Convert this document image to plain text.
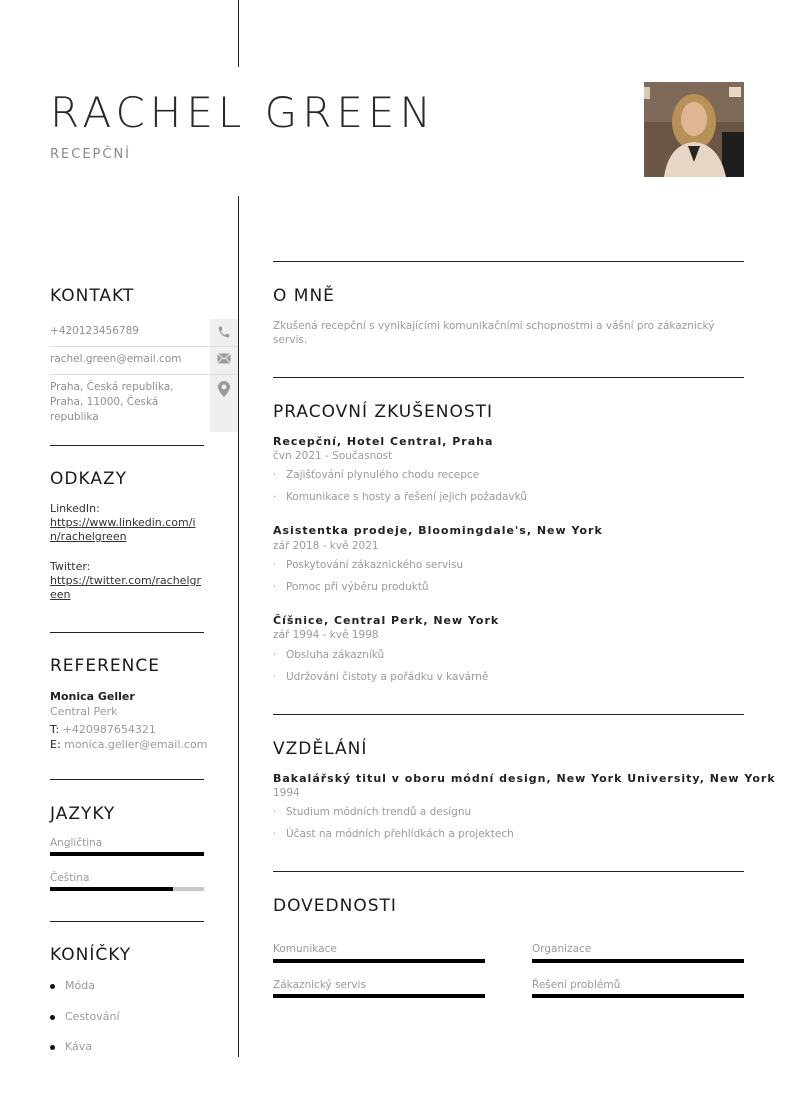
RACHEL GREEN
RECEPČNÍ
KONTAKT
+420123456789
rachel.green@email.com
Praha, Česká republika,
Praha, 11000, Česká republika
ODKAZY
LinkedIn:
https://www.linkedin.com/in/rachelgreen
Twitter:
https://twitter.com/rachelgreen
REFERENCE
Monica Geller
Central Perk
T: +420987654321
E: monica.geller@email.com
JAZYKY
Angličtina
Čeština
KONÍČKY
Móda
Cestování
Káva
O MNĚ
Zkušená recepční s vynikajícími komunikačními schopnostmi a vášní pro zákaznický servis.
PRACOVNÍ ZKUŠENOSTI
Recepční, Hotel Central, Praha
čvn 2021 - Současnost
· Zajišťování plynulého chodu recepce
· Komunikace s hosty a řešení jejich požadavků
Asistentka prodeje, Bloomingdale's, New York
zář 2018 - kvě 2021
· Poskytování zákaznického servisu
· Pomoc při výběru produktů
Číšnice, Central Perk, New York
zář 1994 - kvě 1998
· Obsluha zákazníků
· Udržování čistoty a pořádku v kavárně
VZDĚLÁNÍ
Bakalářský titul v oboru módní design, New York University, New York
1994
· Studium módních trendů a designu
· Účast na módních přehlídkách a projektech
DOVEDNOSTI
Komunikace	Organizace
Zákaznický servis	Řešení problémů
